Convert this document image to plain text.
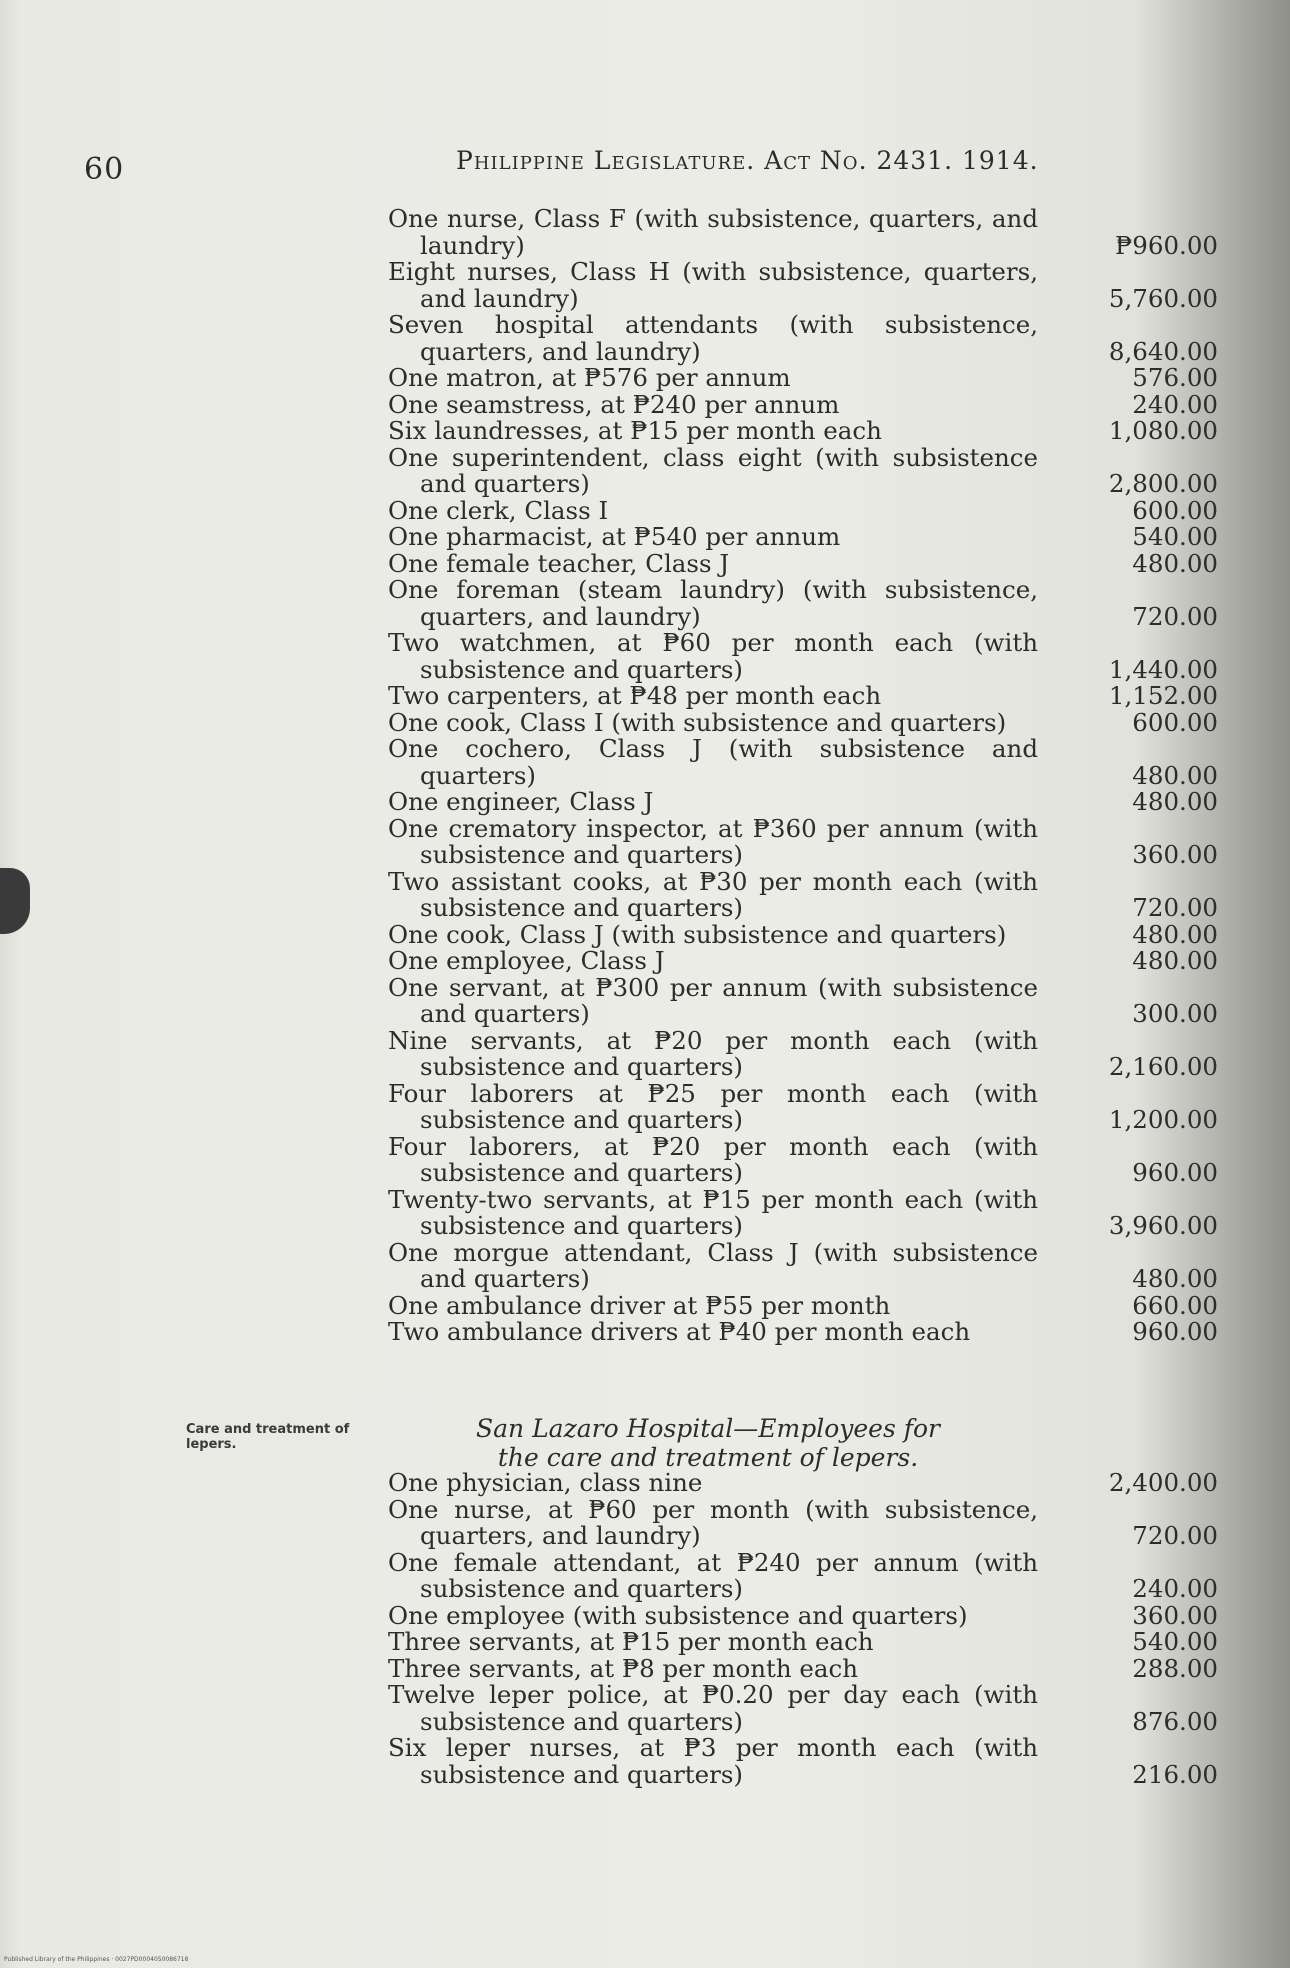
60	Philippine Legislature. Act No. 2431. 1914.
One nurse, Class F (with subsistence, quarters, and laundry)	₱960.00
Eight nurses, Class H (with subsistence, quarters, and laundry)	5,760.00
Seven hospital attendants (with subsistence, quarters, and laundry)	8,640.00
One matron, at ₱576 per annum	576.00
One seamstress, at ₱240 per annum	240.00
Six laundresses, at ₱15 per month each	1,080.00
One superintendent, class eight (with subsistence and quarters)	2,800.00
One clerk, Class I	600.00
One pharmacist, at ₱540 per annum	540.00
One female teacher, Class J	480.00
One foreman (steam laundry) (with subsistence, quarters, and laundry)	720.00
Two watchmen, at ₱60 per month each (with subsistence and quarters)	1,440.00
Two carpenters, at ₱48 per month each	1,152.00
One cook, Class I (with subsistence and quarters)	600.00
One cochero, Class J (with subsistence and quarters)	480.00
One engineer, Class J	480.00
One crematory inspector, at ₱360 per annum (with subsistence and quarters)	360.00
Two assistant cooks, at ₱30 per month each (with subsistence and quarters)	720.00
One cook, Class J (with subsistence and quarters)	480.00
One employee, Class J	480.00
One servant, at ₱300 per annum (with subsistence and quarters)	300.00
Nine servants, at ₱20 per month each (with subsistence and quarters)	2,160.00
Four laborers at ₱25 per month each (with subsistence and quarters)	1,200.00
Four laborers, at ₱20 per month each (with subsistence and quarters)	960.00
Twenty-two servants, at ₱15 per month each (with subsistence and quarters)	3,960.00
One morgue attendant, Class J (with subsistence and quarters)	480.00
One ambulance driver at ₱55 per month	660.00
Two ambulance drivers at ₱40 per month each	960.00
Care and treatment of lepers.
San Lazaro Hospital—Employees for
the care and treatment of lepers.
One physician, class nine	2,400.00
One nurse, at ₱60 per month (with subsistence, quarters, and laundry)	720.00
One female attendant, at ₱240 per annum (with subsistence and quarters)	240.00
One employee (with subsistence and quarters)	360.00
Three servants, at ₱15 per month each	540.00
Three servants, at ₱8 per month each	288.00
Twelve leper police, at ₱0.20 per day each (with subsistence and quarters)	876.00
Six leper nurses, at ₱3 per month each (with subsistence and quarters)	216.00
Published Library of the Philippines · 0027PD0004050086718
